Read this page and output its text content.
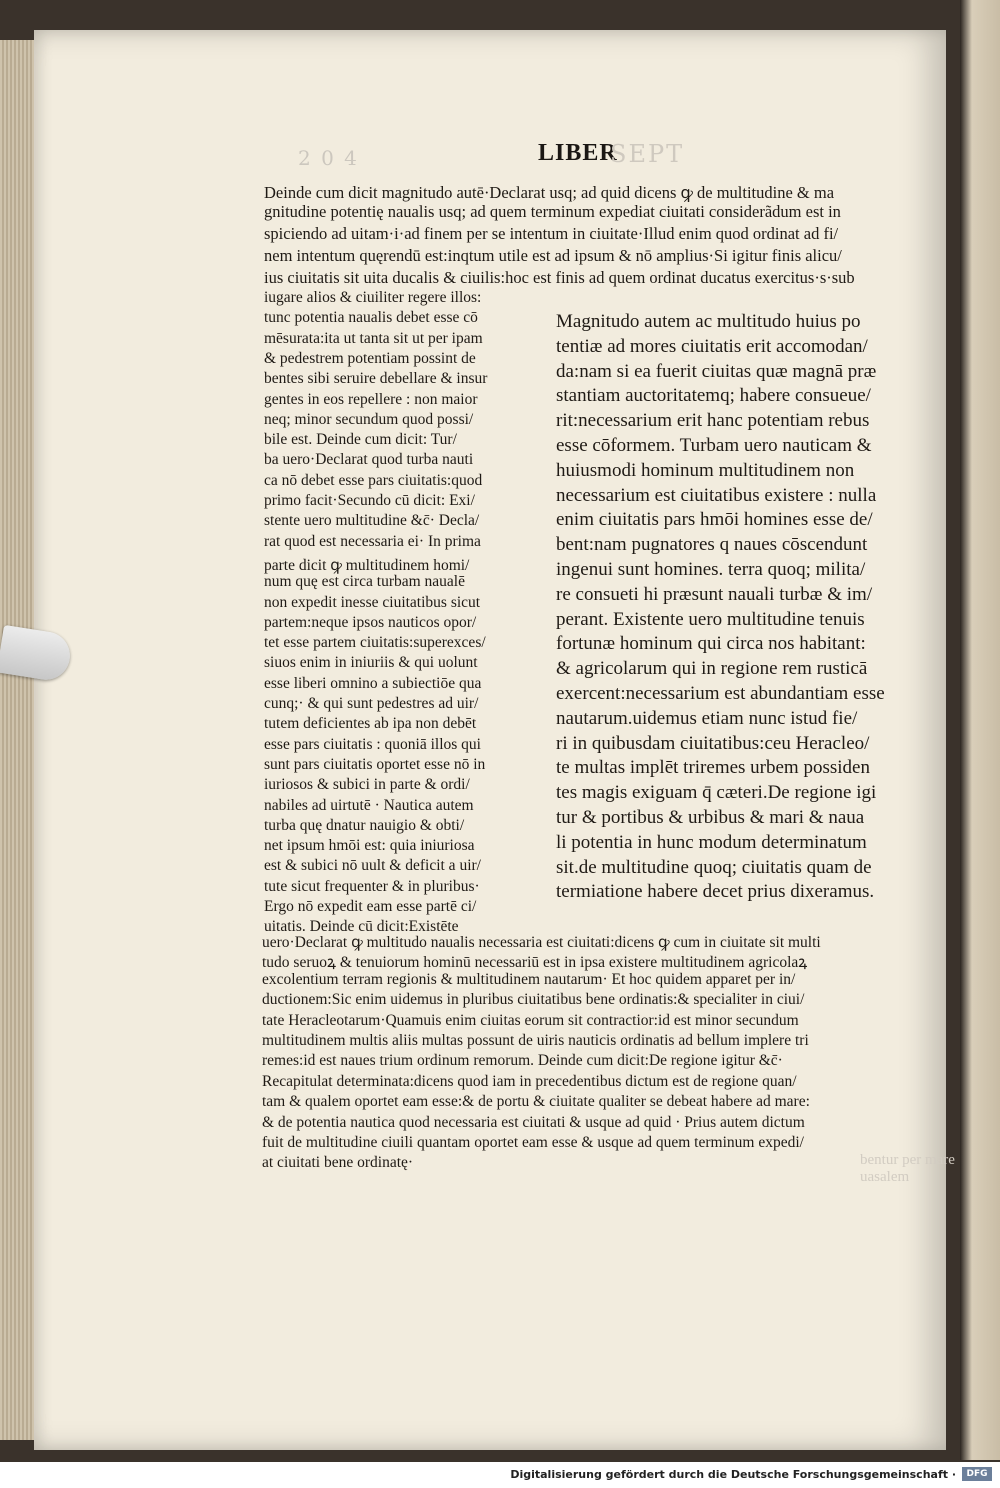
2 0 4	LIBER
SEPT

Deinde cum dicit magnitudo autē·Declarat usq; ad quid dicens ꝙ de multitudine & ma

gnitudine potentię naualis usq; ad quem terminum expediat ciuitati considerãdum est in

spiciendo ad uitam·i·ad finem per se intentum in ciuitate·Illud enim quod ordinat ad fi/

nem intentum quęrendū est:inqtum utile est ad ipsum & nō amplius·Si igitur finis alicu/

ius ciuitatis sit uita ducalis & ciuilis:hoc est finis ad quem ordinat ducatus exercitus·s·sub

iugare alios & ciuiliter regere illos:

tunc potentia naualis debet esse cō

mēsurata:ita ut tanta sit ut per ipam

& pedestrem potentiam possint de

bentes sibi seruire debellare & insur

gentes in eos repellere : non maior

neq; minor secundum quod possi/

bile est. Deinde cum dicit: Tur/

ba uero·Declarat quod turba nauti

ca nō debet esse pars ciuitatis:quod

primo facit·Secundo cū dicit: Exi/

stente uero multitudine &c̄· Decla/

rat quod est necessaria ei· In prima

parte dicit ꝙ multitudinem homi/

num quę est circa turbam naualē

non expedit inesse ciuitatibus sicut

partem:neque ipsos nauticos opor/

tet esse partem ciuitatis:superexces/

siuos enim in iniuriis & qui uolunt

esse liberi omnino a subiectiōe qua

cunq;· & qui sunt pedestres ad uir/

tutem deficientes ab ipa non debēt

esse pars ciuitatis : quoniā illos qui

sunt pars ciuitatis oportet esse nō in

iuriosos & subici in parte & ordi/

nabiles ad uirtutē · Nautica autem

turba quę dnatur nauigio & obti/

net ipsum hmōi est: quia iniuriosa

est & subici nō uult & deficit a uir/

tute sicut frequenter & in pluribus·

Ergo nō expedit eam esse partē ci/

uitatis. Deinde cū dicit:Existēte

Magnitudo autem ac multitudo huius po

tentiæ ad mores ciuitatis erit accomodan/

da:nam si ea fuerit ciuitas quæ magnā præ

stantiam auctoritatemq; habere consueue/

rit:necessarium erit hanc potentiam rebus

esse cōformem. Turbam uero nauticam &

huiusmodi hominum multitudinem non

necessarium est ciuitatibus existere : nulla

enim ciuitatis pars hmōi homines esse de/

bent:nam pugnatores q naues cōscendunt

ingenui sunt homines. terra quoq; milita/

re consueti hi præsunt nauali turbæ & im/

perant. Existente uero multitudine tenuis

fortunæ hominum qui circa nos habitant:

& agricolarum qui in regione rem rusticā

exercent:necessarium est abundantiam esse

nautarum.uidemus etiam nunc istud fie/

ri in quibusdam ciuitatibus:ceu Heracleo/

te multas implēt triremes urbem possiden

tes magis exiguam q̄ cæteri.De regione igi

tur & portibus & urbibus & mari & naua

li potentia in hunc modum determinatum

sit.de multitudine quoq; ciuitatis quam de

termiatione habere decet prius dixeramus.

uero·Declarat ꝙ multitudo naualis necessaria est ciuitati:dicens ꝙ cum in ciuitate sit multi

tudo seruoꝝ & tenuiorum hominū necessariū est in ipsa existere multitudinem agricolaꝝ

excolentium terram regionis & multitudinem nautarum· Et hoc quidem apparet per in/

ductionem:Sic enim uidemus in pluribus ciuitatibus bene ordinatis:& specialiter in ciui/

tate Heracleotarum·Quamuis enim ciuitas eorum sit contractior:id est minor secundum

multitudinem multis aliis multas possunt de uiris nauticis ordinatis ad bellum implere tri

remes:id est naues trium ordinum remorum. Deinde cum dicit:De regione igitur &c̄·

Recapitulat determinata:dicens quod iam in precedentibus dictum est de regione quan/

tam & qualem oportet eam esse:& de portu & ciuitate qualiter se debeat habere ad mare:

& de potentia nautica quod necessaria est ciuitati & usque ad quid · Prius autem dictum

fuit de multitudine ciuili quantam oportet eam esse & usque ad quem terminum expedi/

at ciuitati bene ordinatę·	bentur per mare uasalem
Digitalisierung gefördert durch die Deutsche Forschungsgemeinschaft ·	DFG
